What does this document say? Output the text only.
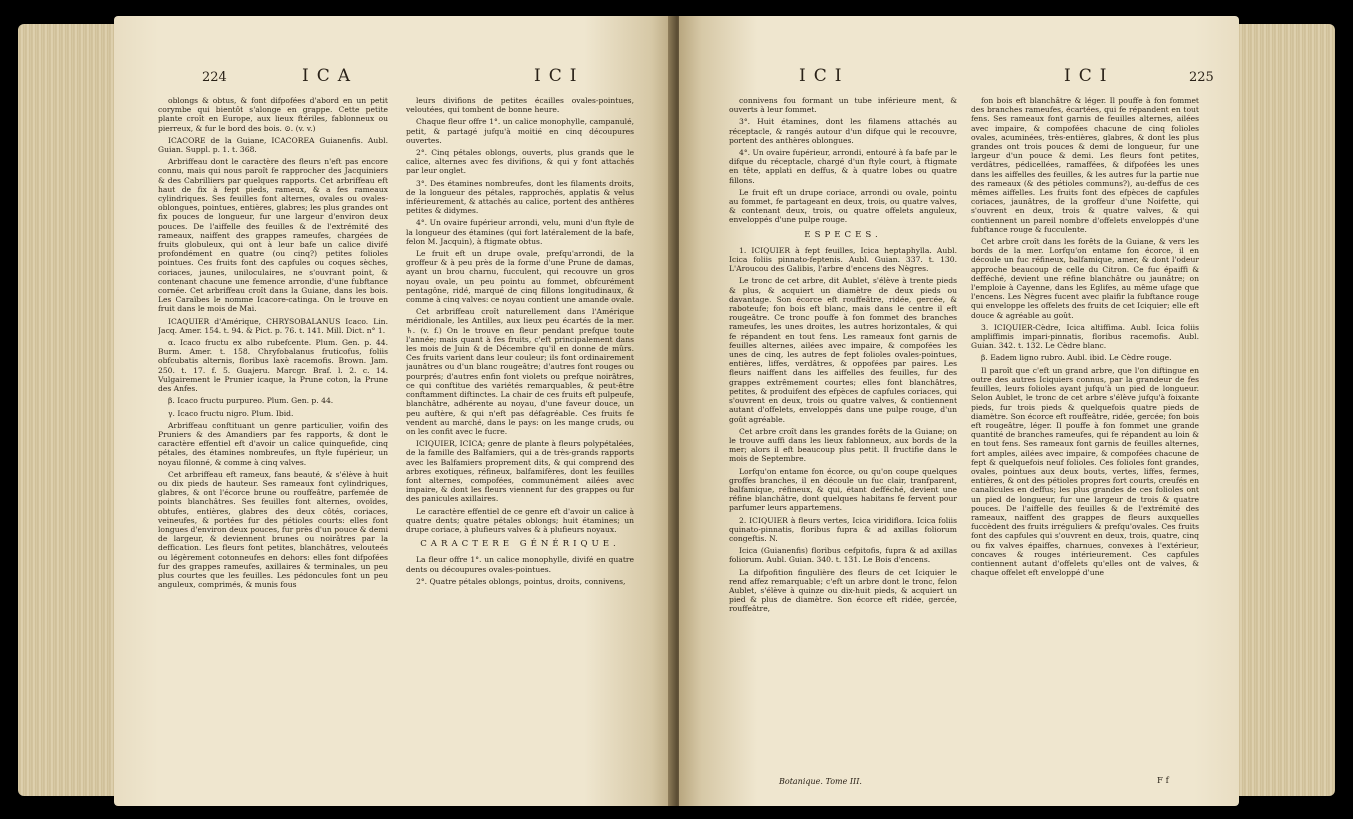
224	ICA	ICI

oblongs & obtus, & font difpofées d'abord en un petit corymbe qui bientôt s'alonge en grappe. Cette petite plante croît en Europe, aux lieux ftériles, fablonneux ou pierreux, & fur le bord des bois. ⊙. (v. v.)

ICACORE de la Guiane, ICACOREA Guianenfis. Aubl. Guian. Suppl. p. 1. t. 368.

Arbriffeau dont le caractère des fleurs n'eft pas encore connu, mais qui nous paroît fe rapprocher des Jacquiniers & des Cabrilliers par quelques rapports. Cet arbriffeau eft haut de fix à fept pieds, rameux, & a fes rameaux cylindriques. Ses feuilles font alternes, ovales ou ovales-oblongues, pointues, entières, glabres; les plus grandes ont fix pouces de longueur, fur une largeur d'environ deux pouces. De l'aiffelle des feuilles & de l'extrémité des rameaux, naiffent des grappes rameufes, chargées de fruits globuleux, qui ont à leur bafe un calice divifé profondément en quatre (ou cinq?) petites folioles pointues. Ces fruits font des capfules ou coques sèches, coriaces, jaunes, uniloculaires, ne s'ouvrant point, & contenant chacune une femence arrondie, d'une fubftance cornée. Cet arbriffeau croît dans la Guiane, dans les bois. Les Caraïbes le nomme Icacore-catinga. On le trouve en fruit dans le mois de Mai.

ICAQUIER d'Amérique, CHRYSOBALANUS Icaco. Lin. Jacq. Amer. 154. t. 94. & Pict. p. 76. t. 141. Mill. Dict. n° 1.

α. Icaco fructu ex albo rubefcente. Plum. Gen. p. 44. Burm. Amer. t. 158. Chryfobalanus fruticofus, foliis obfcubatis alternis, floribus laxè racemofis. Brown. Jam. 250. t. 17. f. 5. Guajeru. Marcgr. Braf. l. 2. c. 14. Vulgairement le Prunier icaque, la Prune coton, la Prune des Anfes.

β. Icaco fructu purpureo. Plum. Gen. p. 44.

γ. Icaco fructu nigro. Plum. Ibid.

Arbriffeau conftituant un genre particulier, voifin des Pruniers & des Amandiers par fes rapports, & dont le caractère effentiel eft d'avoir un calice quinquefide, cinq pétales, des étamines nombreufes, un ftyle fupérieur, un noyau filonné, & comme à cinq valves.

Cet arbriffeau eft rameux, fans beauté, & s'élève à huit ou dix pieds de hauteur. Ses rameaux font cylindriques, glabres, & ont l'écorce brune ou rouffeâtre, parfemée de points blanchâtres. Ses feuilles font alternes, ovoïdes, obtufes, entières, glabres des deux côtés, coriaces, veineufes, & portées fur des pétioles courts: elles font longues d'environ deux pouces, fur près d'un pouce & demi de largeur, & deviennent brunes ou noirâtres par la deffication. Les fleurs font petites, blanchâtres, velouteés ou légèrement cotonneufes en dehors: elles font difpofées fur des grappes rameufes, axillaires & terminales, un peu plus courtes que les feuilles. Les pédoncules font un peu anguleux, comprimés, & munis fous

leurs divifions de petites écailles ovales-pointues, veloutées, qui tombent de bonne heure.

Chaque fleur offre 1°. un calice monophylle, campanulé, petit, & partagé jufqu'à moitié en cinq découpures ouvertes.

2°. Cinq pétales oblongs, ouverts, plus grands que le calice, alternes avec fes divifions, & qui y font attachés par leur onglet.

3°. Des étamines nombreufes, dont les filaments droits, de la longueur des pétales, rapprochés, applatis & velus inférieurement, & attachés au calice, portent des anthères petites & didymes.

4°. Un ovaire fupérieur arrondi, velu, muni d'un ftyle de la longueur des étamines (qui fort latéralement de la bafe, felon M. Jacquin), à ftigmate obtus.

Le fruit eft un drupe ovale, prefqu'arrondi, de la groffeur & à peu près de la forme d'une Prune de damas, ayant un brou charnu, fucculent, qui recouvre un gros noyau ovale, un peu pointu au fommet, obfcurément pentagône, ridé, marqué de cinq fillons longitudinaux, & comme à cinq valves: ce noyau contient une amande ovale.

Cet arbriffeau croît naturellement dans l'Amérique méridionale, les Antilles, aux lieux peu écartés de la mer. ♄. (v. f.) On le trouve en fleur pendant prefque toute l'année; mais quant à fes fruits, c'eft principalement dans les mois de Juin & de Décembre qu'il en donne de mûrs. Ces fruits varient dans leur couleur; ils font ordinairement jaunâtres ou d'un blanc rougeâtre; d'autres font rouges ou pourprés; d'autres enfin font violets ou prefque noirâtres, ce qui conftitue des variétés remarquables, & peut-être conftamment diftinctes. La chair de ces fruits eft pulpeufe, blanchâtre, adhérente au noyau, d'une faveur douce, un peu auftère, & qui n'eft pas défagréable. Ces fruits fe vendent au marché, dans le pays: on les mange cruds, ou on les confit avec le fucre.

ICIQUIER, ICICA; genre de plante à fleurs polypétalées, de la famille des Balfamiers, qui a de très-grands rapports avec les Balfamiers proprement dits, & qui comprend des arbres exotiques, réfineux, balfamifères, dont les feuilles font alternes, compofées, communément ailées avec impaire, & dont les fleurs viennent fur des grappes ou fur des panicules axillaires.

Le caractère effentiel de ce genre eft d'avoir un calice à quatre dents; quatre pétales oblongs; huit étamines; un drupe coriace, à plufieurs valves & à plufieurs noyaux.

CARACTERE GÉNÉRIQUE.

La fleur offre 1°. un calice monophylle, divifé en quatre dents ou découpures ovales-pointues.

2°. Quatre pétales oblongs, pointus, droits, connivens,

ICI	ICI	225

connivens fou formant un tube inférieure ment, & ouverts à leur fommet.

3°. Huit étamines, dont les filamens attachés au réceptacle, & rangés autour d'un difque qui le recouvre, portent des anthères oblongues.

4°. Un ovaire fupérieur, arrondi, entouré à fa bafe par le difque du réceptacle, chargé d'un ftyle court, à ftigmate en tête, applati en deffus, & à quatre lobes ou quatre fillons.

Le fruit eft un drupe coriace, arrondi ou ovale, pointu au fommet, fe partageant en deux, trois, ou quatre valves, & contenant deux, trois, ou quatre offelets anguleux, enveloppés d'une pulpe rouge.

ESPECES.

1. ICIQUIER à fept feuilles, Icica heptaphylla. Aubl. Icica foliis pinnato-feptenis. Aubl. Guian. 337. t. 130. L'Aroucou des Galibis, l'arbre d'encens des Nègres.

Le tronc de cet arbre, dit Aublet, s'élève à trente pieds & plus, & acquiert un diamètre de deux pieds ou davantage. Son écorce eft rouffeâtre, ridée, gercée, & raboteufe; fon bois eft blanc, mais dans le centre il eft rougeâtre. Ce tronc pouffe à fon fommet des branches rameufes, les unes droites, les autres horizontales, & qui fe répandent en tout fens. Les rameaux font garnis de feuilles alternes, ailées avec impaire, & compofées les unes de cinq, les autres de fept folioles ovales-pointues, entières, liffes, verdâtres, & oppofées par paires. Les fleurs naiffent dans les aiffelles des feuilles, fur des grappes extrêmement courtes; elles font blanchâtres, petites, & produifent des efpèces de capfules coriaces, qui s'ouvrent en deux, trois ou quatre valves, & contiennent autant d'offelets, enveloppés dans une pulpe rouge, d'un goût agréable.

Cet arbre croît dans les grandes forêts de la Guiane; on le trouve auffi dans les lieux fablonneux, aux bords de la mer; alors il eft beaucoup plus petit. Il fructifie dans le mois de Septembre.

Lorfqu'on entame fon écorce, ou qu'on coupe quelques groffes branches, il en découle un fuc clair, tranfparent, balfamique, réfineux, & qui, étant defféché, devient une réfine blanchâtre, dont quelques habitans fe fervent pour parfumer leurs appartemens.

2. ICIQUIER à fleurs vertes, Icica viridiflora. Icica foliis quinato-pinnatis, floribus fupra & ad axillas foliorum congeftis. N.

Icica (Guianenfis) floribus cefpitofis, fupra & ad axillas foliorum. Aubl. Guian. 340. t. 131. Le Bois d'encens.

La difpofition fingulière des fleurs de cet Iciquier le rend affez remarquable; c'eft un arbre dont le tronc, felon Aublet, s'élève à quinze ou dix-huit pieds, & acquiert un pied & plus de diamètre. Son écorce eft ridée, gercée, rouffeâtre,

Botanique. Tome III.

fon bois eft blanchâtre & léger. Il pouffe à fon fommet des branches rameufes, écartées, qui fe répandent en tout fens. Ses rameaux font garnis de feuilles alternes, ailées avec impaire, & compofées chacune de cinq folioles ovales, acuminées, très-entières, glabres, & dont les plus grandes ont trois pouces & demi de longueur, fur une largeur d'un pouce & demi. Les fleurs font petites, verdâtres, pédicellées, ramaffées, & difpofées les unes dans les aiffelles des feuilles, & les autres fur la partie nue des rameaux (& des pétioles communs?), au-deffus de ces mêmes aiffelles. Les fruits font des efpèces de capfules coriaces, jaunâtres, de la groffeur d'une Noifette, qui s'ouvrent en deux, trois & quatre valves, & qui contiennent un pareil nombre d'offelets enveloppés d'une fubftance rouge & fucculente.

Cet arbre croît dans les forêts de la Guiane, & vers les bords de la mer. Lorfqu'on entame fon écorce, il en découle un fuc réfineux, balfamique, amer, & dont l'odeur approche beaucoup de celle du Citron. Ce fuc épaiffi & defféché, devient une réfine blanchâtre ou jaunâtre; on l'emploie à Cayenne, dans les Eglifes, au même ufage que l'encens. Les Nègres fucent avec plaifir la fubftance rouge qui enveloppe les offelets des fruits de cet Iciquier; elle eft douce & agréable au goût.

3. ICIQUIER-Cèdre, Icica altiffima. Aubl. Icica foliis ampliffimis impari-pinnatis, floribus racemofis. Aubl. Guian. 342. t. 132. Le Cèdre blanc.

β. Eadem ligno rubro. Aubl. ibid. Le Cèdre rouge.

Il paroît que c'eft un grand arbre, que l'on diftingue en outre des autres Iciquiers connus, par la grandeur de fes feuilles, leurs folioles ayant jufqu'à un pied de longueur. Selon Aublet, le tronc de cet arbre s'élève jufqu'à foixante pieds, fur trois pieds & quelquefois quatre pieds de diamètre. Son écorce eft rouffeâtre, ridée, gercée; fon bois eft rougeâtre, léger. Il pouffe à fon fommet une grande quantité de branches rameufes, qui fe répandent au loin & en tout fens. Ses rameaux font garnis de feuilles alternes, fort amples, ailées avec impaire, & compofées chacune de fept & quelquefois neuf folioles. Ces folioles font grandes, ovales, pointues aux deux bouts, vertes, liffes, fermes, entières, & ont des pétioles propres fort courts, creufés en canalicules en deffus; les plus grandes de ces folioles ont un pied de longueur, fur une largeur de trois & quatre pouces. De l'aiffelle des feuilles & de l'extrémité des rameaux, naiffent des grappes de fleurs auxquelles fuccèdent des fruits irréguliers & prefqu'ovales. Ces fruits font des capfules qui s'ouvrent en deux, trois, quatre, cinq ou fix valves épaiffes, charnues, convexes à l'extérieur, concaves & rouges intérieurement. Ces capfules contiennent autant d'offelets qu'elles ont de valves, & chaque offelet eft enveloppé d'une

F f
